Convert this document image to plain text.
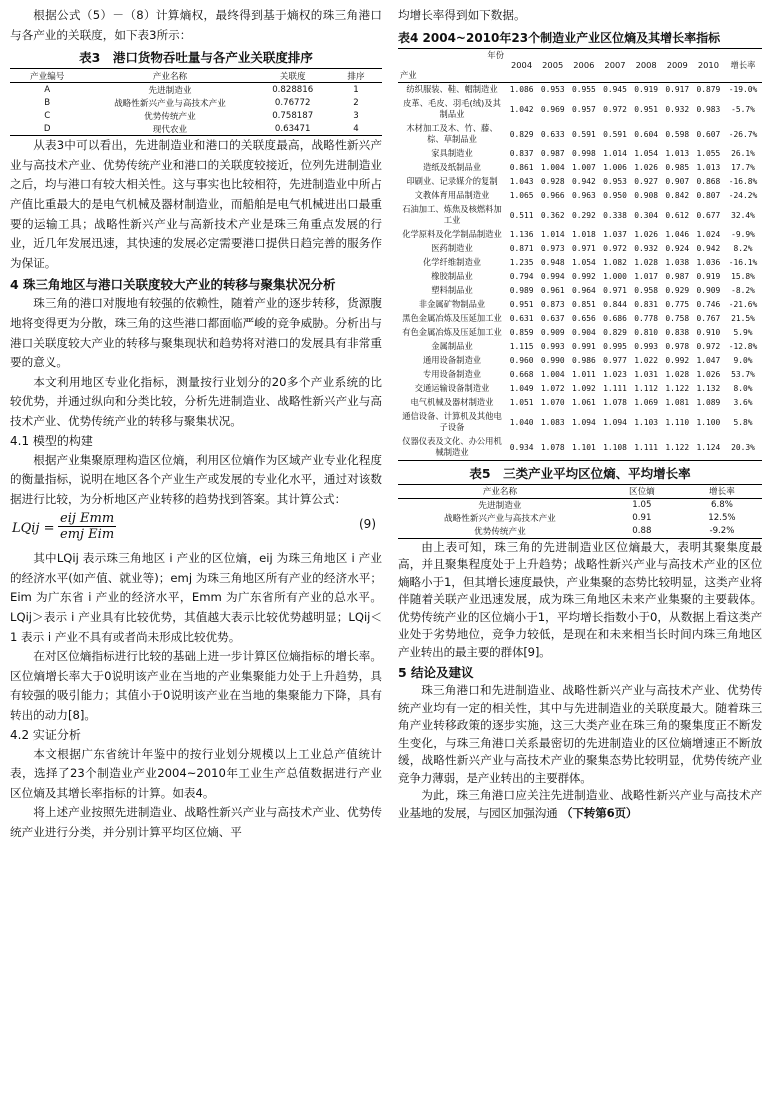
根据公式（5）－（8）计算熵权，最终得到基于熵权的珠三角港口与各产业的关联度，如下表3所示：

表3　港口货物吞吐量与各产业关联度排序
产业编号	产业名称	关联度	排序
A	先进制造业	0.828816	1
B	战略性新兴产业与高技术产业	0.76772	2
C	优势传统产业	0.758187	3
D	现代农业	0.63471	4

从表3中可以看出，先进制造业和港口的关联度最高，战略性新兴产业与高技术产业、优势传统产业和港口的关联度较接近，位列先进制造业之后，均与港口有较大相关性。这与事实也比较相符，先进制造业中所占产值比重最大的是电气机械及器材制造业，而船舶是电气机械进出口最重要的运输工具；战略性新兴产业与高新技术产业是珠三角重点发展的行业，近几年发展迅速，其快速的发展必定需要港口提供日趋完善的服务作为保证。

4 珠三角地区与港口关联度较大产业的转移与聚集状况分析

珠三角的港口对腹地有较强的依赖性，随着产业的逐步转移，货源腹地将变得更为分散，珠三角的这些港口都面临严峻的竞争威胁。分析出与港口关联度较大产业的转移与聚集现状和趋势将对港口的发展具有非常重要的意义。

本文利用地区专业化指标，测量按行业划分的20多个产业系统的比较优势，并通过纵向和分类比较，分析先进制造业、战略性新兴产业与高技术产业、优势传统产业的转移与聚集状况。

4.1 模型的构建

根据产业集聚原理构造区位熵，利用区位熵作为区域产业专业化程度的衡量指标，说明在地区各个产业生产或发展的专业化水平，通过对该数据进行比较，为分析地区产业转移的趋势找到答案。其计算公式：

LQij =
eij Emm
emj Eim
(9)

其中LQij 表示珠三角地区 i 产业的区位熵，eij 为珠三角地区 i 产业的经济水平(如产值、就业等)；emj 为珠三角地区所有产业的经济水平；Eim 为广东省 i 产业的经济水平，Emm 为广东省所有产业的总水平。LQij＞表示 i 产业具有比较优势，其值越大表示比较优势越明显；LQij＜1 表示 i 产业不具有或者尚未形成比较优势。

在对区位熵指标进行比较的基础上进一步计算区位熵指标的增长率。区位熵增长率大于0说明该产业在当地的产业集聚能力处于上升趋势，具有较强的吸引能力；其值小于0说明该产业在当地的集聚能力下降，具有转出的动力[8]。

4.2 实证分析

本文根据广东省统计年鉴中的按行业划分规模以上工业总产值统计表，选择了23个制造业产业2004~2010年工业生产总值数据进行产业区位熵及其增长率指标的计算。如表4。

将上述产业按照先进制造业、战略性新兴产业与高技术产业、优势传统产业进行分类，并分别计算平均区位熵、平

均增长率得到如下数据。

表4 2004~2010年23个制造业产业区位熵及其增长率指标
年份
产业	2004	2005	2006	2007	2008	2009	2010	增长率
纺织服装、鞋、帽制造业	1.086	0.953	0.955	0.945	0.919	0.917	0.879	-19.0%
皮革、毛皮、羽毛(绒)及其制品业	1.042	0.969	0.957	0.972	0.951	0.932	0.983	-5.7%
木材加工及木、竹、藤、棕、草制品业	0.829	0.633	0.591	0.591	0.604	0.598	0.607	-26.7%
家具制造业	0.837	0.987	0.998	1.014	1.054	1.013	1.055	26.1%
造纸及纸制品业	0.861	1.004	1.007	1.006	1.026	0.985	1.013	17.7%
印刷业、记录媒介的复制	1.043	0.928	0.942	0.953	0.927	0.907	0.868	-16.8%
文教体育用品制造业	1.065	0.966	0.963	0.950	0.908	0.842	0.807	-24.2%
石油加工、炼焦及核燃料加工业	0.511	0.362	0.292	0.338	0.304	0.612	0.677	32.4%
化学原料及化学制品制造业	1.136	1.014	1.018	1.037	1.026	1.046	1.024	-9.9%
医药制造业	0.871	0.973	0.971	0.972	0.932	0.924	0.942	8.2%
化学纤维制造业	1.235	0.948	1.054	1.082	1.028	1.038	1.036	-16.1%
橡胶制品业	0.794	0.994	0.992	1.000	1.017	0.987	0.919	15.8%
塑料制品业	0.989	0.961	0.964	0.971	0.958	0.929	0.909	-8.2%
非金属矿物制品业	0.951	0.873	0.851	0.844	0.831	0.775	0.746	-21.6%
黑色金属冶炼及压延加工业	0.631	0.637	0.656	0.686	0.778	0.758	0.767	21.5%
有色金属冶炼及压延加工业	0.859	0.909	0.904	0.829	0.810	0.838	0.910	5.9%
金属制品业	1.115	0.993	0.991	0.995	0.993	0.978	0.972	-12.8%
通用设备制造业	0.960	0.990	0.986	0.977	1.022	0.992	1.047	9.0%
专用设备制造业	0.668	1.004	1.011	1.023	1.031	1.028	1.026	53.7%
交通运输设备制造业	1.049	1.072	1.092	1.111	1.112	1.122	1.132	8.0%
电气机械及器材制造业	1.051	1.070	1.061	1.078	1.069	1.081	1.089	3.6%
通信设备、计算机及其他电子设备	1.040	1.083	1.094	1.094	1.103	1.110	1.100	5.8%
仪器仪表及文化、办公用机械制造业	0.934	1.078	1.101	1.108	1.111	1.122	1.124	20.3%
表5　三类产业平均区位熵、平均增长率
产业名称	区位熵	增长率
先进制造业	1.05	6.8%
战略性新兴产业与高技术产业	0.91	12.5%
优势传统产业	0.88	-9.2%

由上表可知，珠三角的先进制造业区位熵最大，表明其聚集度最高，并且聚集程度处于上升趋势；战略性新兴产业与高技术产业的区位熵略小于1，但其增长速度最快，产业集聚的态势比较明显，这类产业将伴随着关联产业迅速发展，成为珠三角地区未来产业集聚的主要载体。优势传统产业的区位熵小于1，平均增长指数小于0，从数据上看这类产业处于劣势地位，竞争力较低，是现在和未来相当长时间内珠三角地区产业转出的最主要的群体[9]。

5 结论及建议

珠三角港口和先进制造业、战略性新兴产业与高技术产业、优势传统产业均有一定的相关性，其中与先进制造业的关联度最大。随着珠三角产业转移政策的逐步实施，这三大类产业在珠三角的聚集度正不断发生变化，与珠三角港口关系最密切的先进制造业的区位熵增速正不断放缓，战略性新兴产业与高技术产业的聚集态势比较明显，优势传统产业竞争力薄弱，是产业转出的主要群体。

为此，珠三角港口应关注先进制造业、战略性新兴产业与高技术产业基地的发展，与园区加强沟通 （下转第6页）
